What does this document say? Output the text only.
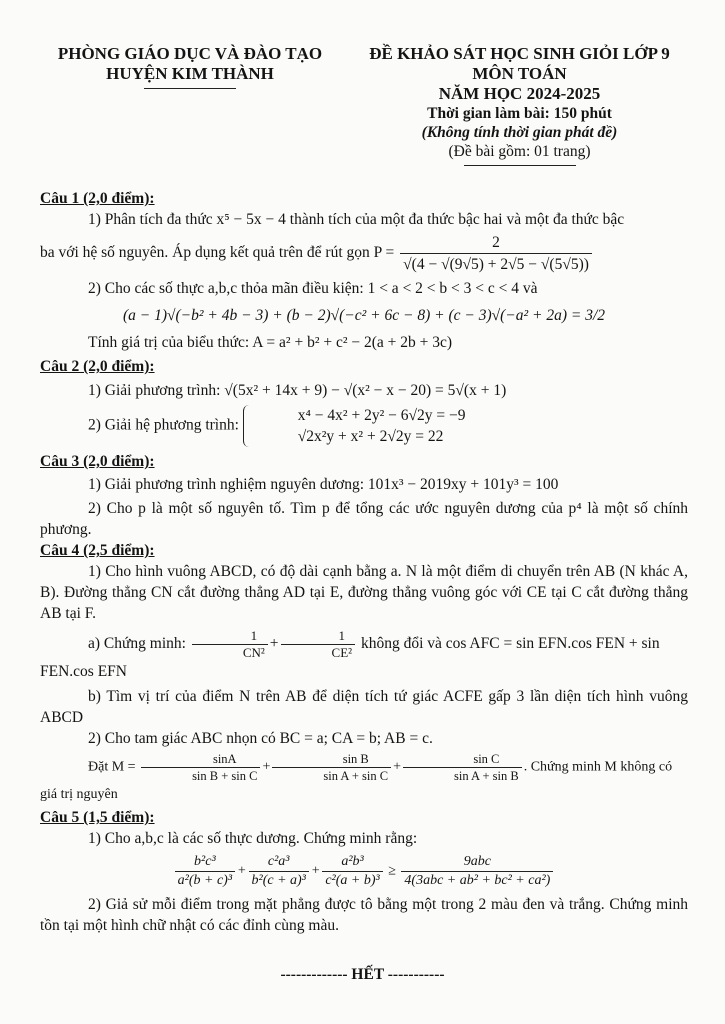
PHÒNG GIÁO DỤC VÀ ĐÀO TẠO
HUYỆN KIM THÀNH
ĐỀ KHẢO SÁT HỌC SINH GIỎI LỚP 9
MÔN TOÁN
NĂM HỌC 2024-2025
Thời gian làm bài: 150 phút
(Không tính thời gian phát đề)
(Đề bài gồm: 01 trang)
Câu 1 (2,0 điểm):

1) Phân tích đa thức x⁵ − 5x − 4 thành tích của một đa thức bậc hai và một đa thức bậc

ba với hệ số nguyên. Áp dụng kết quả trên để rút gọn $P = \frac{2}{√(4 - √(9√5) + 2√5 - √(5√5))}$

2) Cho các số thực a,b,c thỏa mãn điều kiện: 1 < a < 2 < b < 3 < c < 4 và

(a − 1)√(−b² + 4b − 3) + (b − 2)√(−c² + 6c − 8) + (c − 3)√(−a² + 2a) = 3/2

Tính giá trị của biểu thức: A = a² + b² + c² − 2(a + 2b + 3c)

Câu 2 (2,0 điểm):

1) Giải phương trình: √(5x² + 14x + 9) − √(x² − x − 20) = 5√(x + 1)

2) Giải hệ phương trình:
x⁴ − 4x² + 2y² − 6√2y = −9
√2x²y + x² + 2√2y = 22

Câu 3 (2,0 điểm):

1) Giải phương trình nghiệm nguyên dương: 101x³ − 2019xy + 101y³ = 100

2) Cho p là một số nguyên tố. Tìm p để tổng các ước nguyên dương của p⁴ là một số chính phương.

Câu 4 (2,5 điểm):

1) Cho hình vuông ABCD, có độ dài cạnh bằng a. N là một điểm di chuyển trên AB (N khác A, B). Đường thẳng CN cắt đường thẳng AD tại E, đường thẳng vuông góc với CE tại C cắt đường thẳng AB tại F.

a) Chứng minh: $\frac{1}{\text{CN²}} + \frac{1}{\text{CE²}}$ không đổi và cos AFC = sin EFN.cos FEN + sin FEN.cos EFN

b) Tìm vị trí của điểm N trên AB để diện tích tứ giác ACFE gấp 3 lần diện tích hình vuông ABCD

2) Cho tam giác ABC nhọn có BC = a; CA = b; AB = c.

Đặt $M = \frac{\sin A}{\text{sin B + sin C}} + \frac{\text{sin B}}{\text{sin A + sin C}} + \frac{\text{sin C}}{\text{sin A + sin B}}$ . Chứng minh M không có giá trị nguyên

Câu 5 (1,5 điểm):

1) Cho a,b,c là các số thực dương. Chứng minh rằng:

$\frac{\text{b²c³}}{\text{a²(b + c)³}} + \frac{\text{c²a³}}{\text{b²(c + a)³}} + \frac{\text{a²b³}}{\text{c²(a + b)³}} \ge \frac{\text{9abc}}{\text{4(3abc + ab² + bc² + ca²)}}$

2) Giả sử mỗi điểm trong mặt phẳng được tô bằng một trong 2 màu đen và trắng. Chứng minh tồn tại một hình chữ nhật có các đỉnh cùng màu.

------------- HẾT -----------
